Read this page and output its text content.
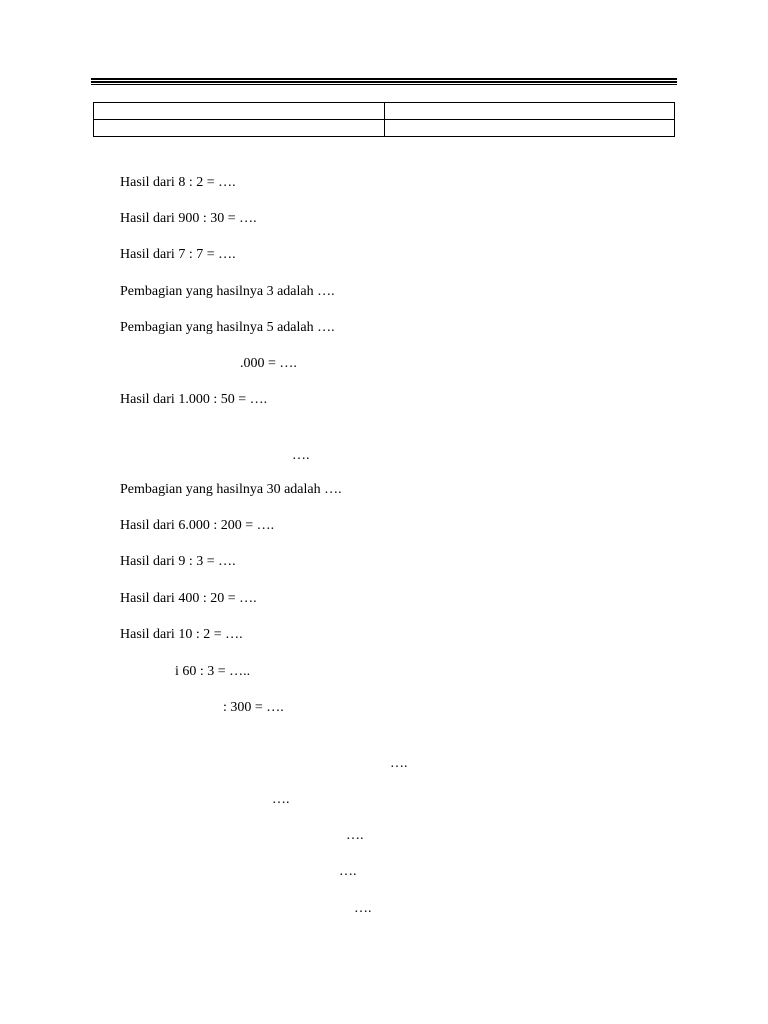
Hasil dari 8 : 2 = ….
Hasil dari 900 : 30 = ….
Hasil dari 7 : 7 = ….
Pembagian yang hasilnya 3 adalah ….
Pembagian yang hasilnya 5 adalah ….
.000 = ….
Hasil dari 1.000 : 50 = ….
….
Pembagian yang hasilnya 30 adalah ….
Hasil dari 6.000 : 200 = ….
Hasil dari 9 : 3 = ….
Hasil dari 400 : 20 = ….
Hasil dari 10 : 2 = ….
i 60 : 3 = …..
: 300 = ….
….
….
….
….
….
